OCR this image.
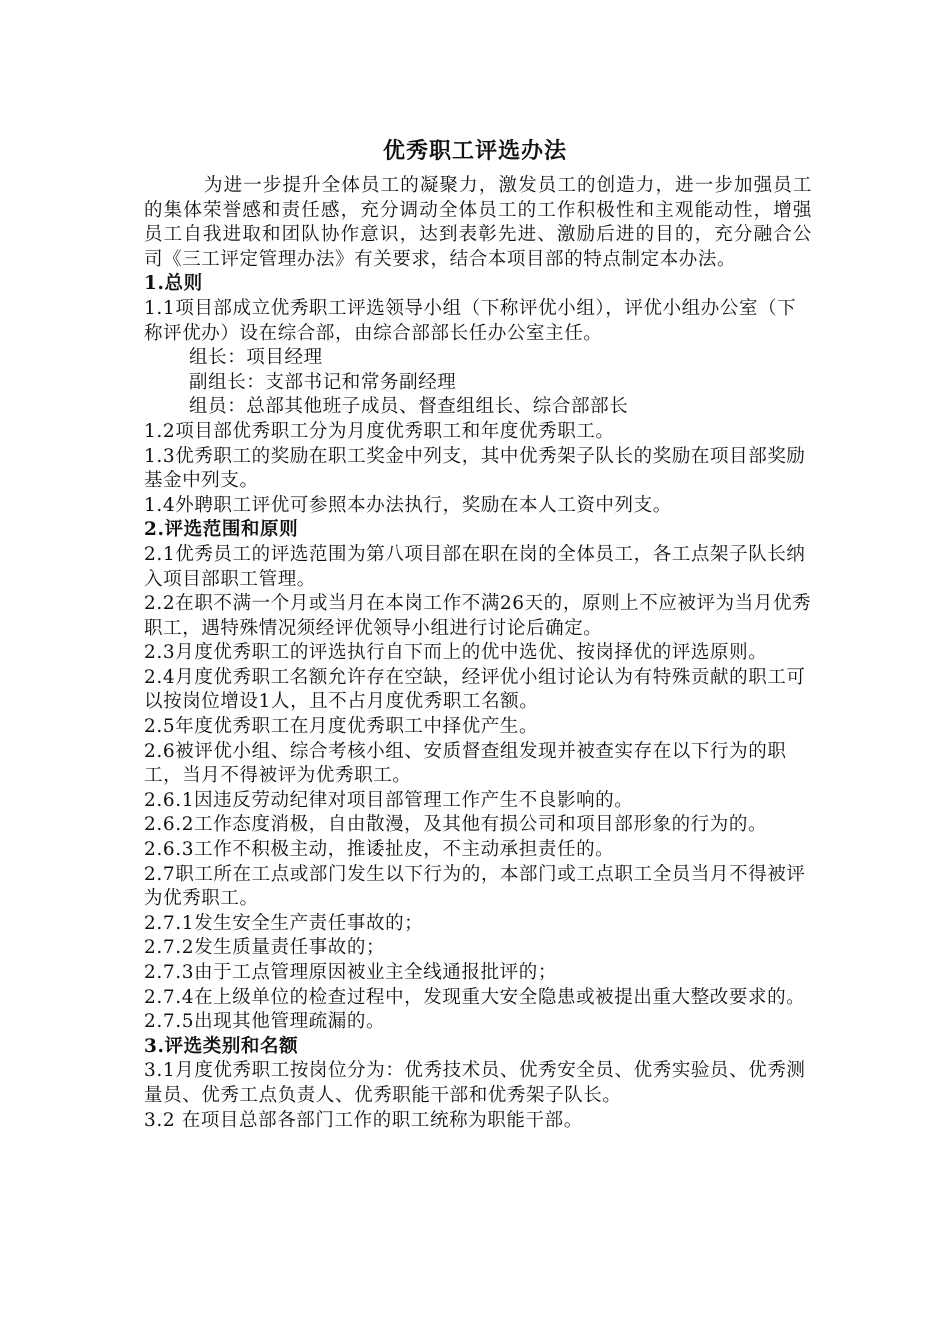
优秀职工评选办法

为进一步提升全体员工的凝聚力，激发员工的创造力，进一步加强员工的集体荣誉感和责任感，充分调动全体员工的工作积极性和主观能动性，增强员工自我进取和团队协作意识，达到表彰先进、激励后进的目的，充分融合公司《三工评定管理办法》有关要求，结合本项目部的特点制定本办法。

1.总则

1.1项目部成立优秀职工评选领导小组（下称评优小组），评优小组办公室（下称评优办）设在综合部，由综合部部长任办公室主任。

组长：项目经理

副组长：支部书记和常务副经理

组员：总部其他班子成员、督查组组长、综合部部长

1.2项目部优秀职工分为月度优秀职工和年度优秀职工。

1.3优秀职工的奖励在职工奖金中列支，其中优秀架子队长的奖励在项目部奖励基金中列支。

1.4外聘职工评优可参照本办法执行，奖励在本人工资中列支。

2.评选范围和原则

2.1优秀员工的评选范围为第八项目部在职在岗的全体员工，各工点架子队长纳入项目部职工管理。

2.2在职不满一个月或当月在本岗工作不满26天的，原则上不应被评为当月优秀职工，遇特殊情况须经评优领导小组进行讨论后确定。

2.3月度优秀职工的评选执行自下而上的优中选优、按岗择优的评选原则。

2.4月度优秀职工名额允许存在空缺，经评优小组讨论认为有特殊贡献的职工可以按岗位增设1人，且不占月度优秀职工名额。

2.5年度优秀职工在月度优秀职工中择优产生。

2.6被评优小组、综合考核小组、安质督查组发现并被查实存在以下行为的职工，当月不得被评为优秀职工。

2.6.1因违反劳动纪律对项目部管理工作产生不良影响的。

2.6.2工作态度消极，自由散漫，及其他有损公司和项目部形象的行为的。

2.6.3工作不积极主动，推诿扯皮，不主动承担责任的。

2.7职工所在工点或部门发生以下行为的，本部门或工点职工全员当月不得被评为优秀职工。

2.7.1发生安全生产责任事故的；

2.7.2发生质量责任事故的；

2.7.3由于工点管理原因被业主全线通报批评的；

2.7.4在上级单位的检查过程中，发现重大安全隐患或被提出重大整改要求的。

2.7.5出现其他管理疏漏的。

3.评选类别和名额

3.1月度优秀职工按岗位分为：优秀技术员、优秀安全员、优秀实验员、优秀测量员、优秀工点负责人、优秀职能干部和优秀架子队长。

3.2 在项目总部各部门工作的职工统称为职能干部。
